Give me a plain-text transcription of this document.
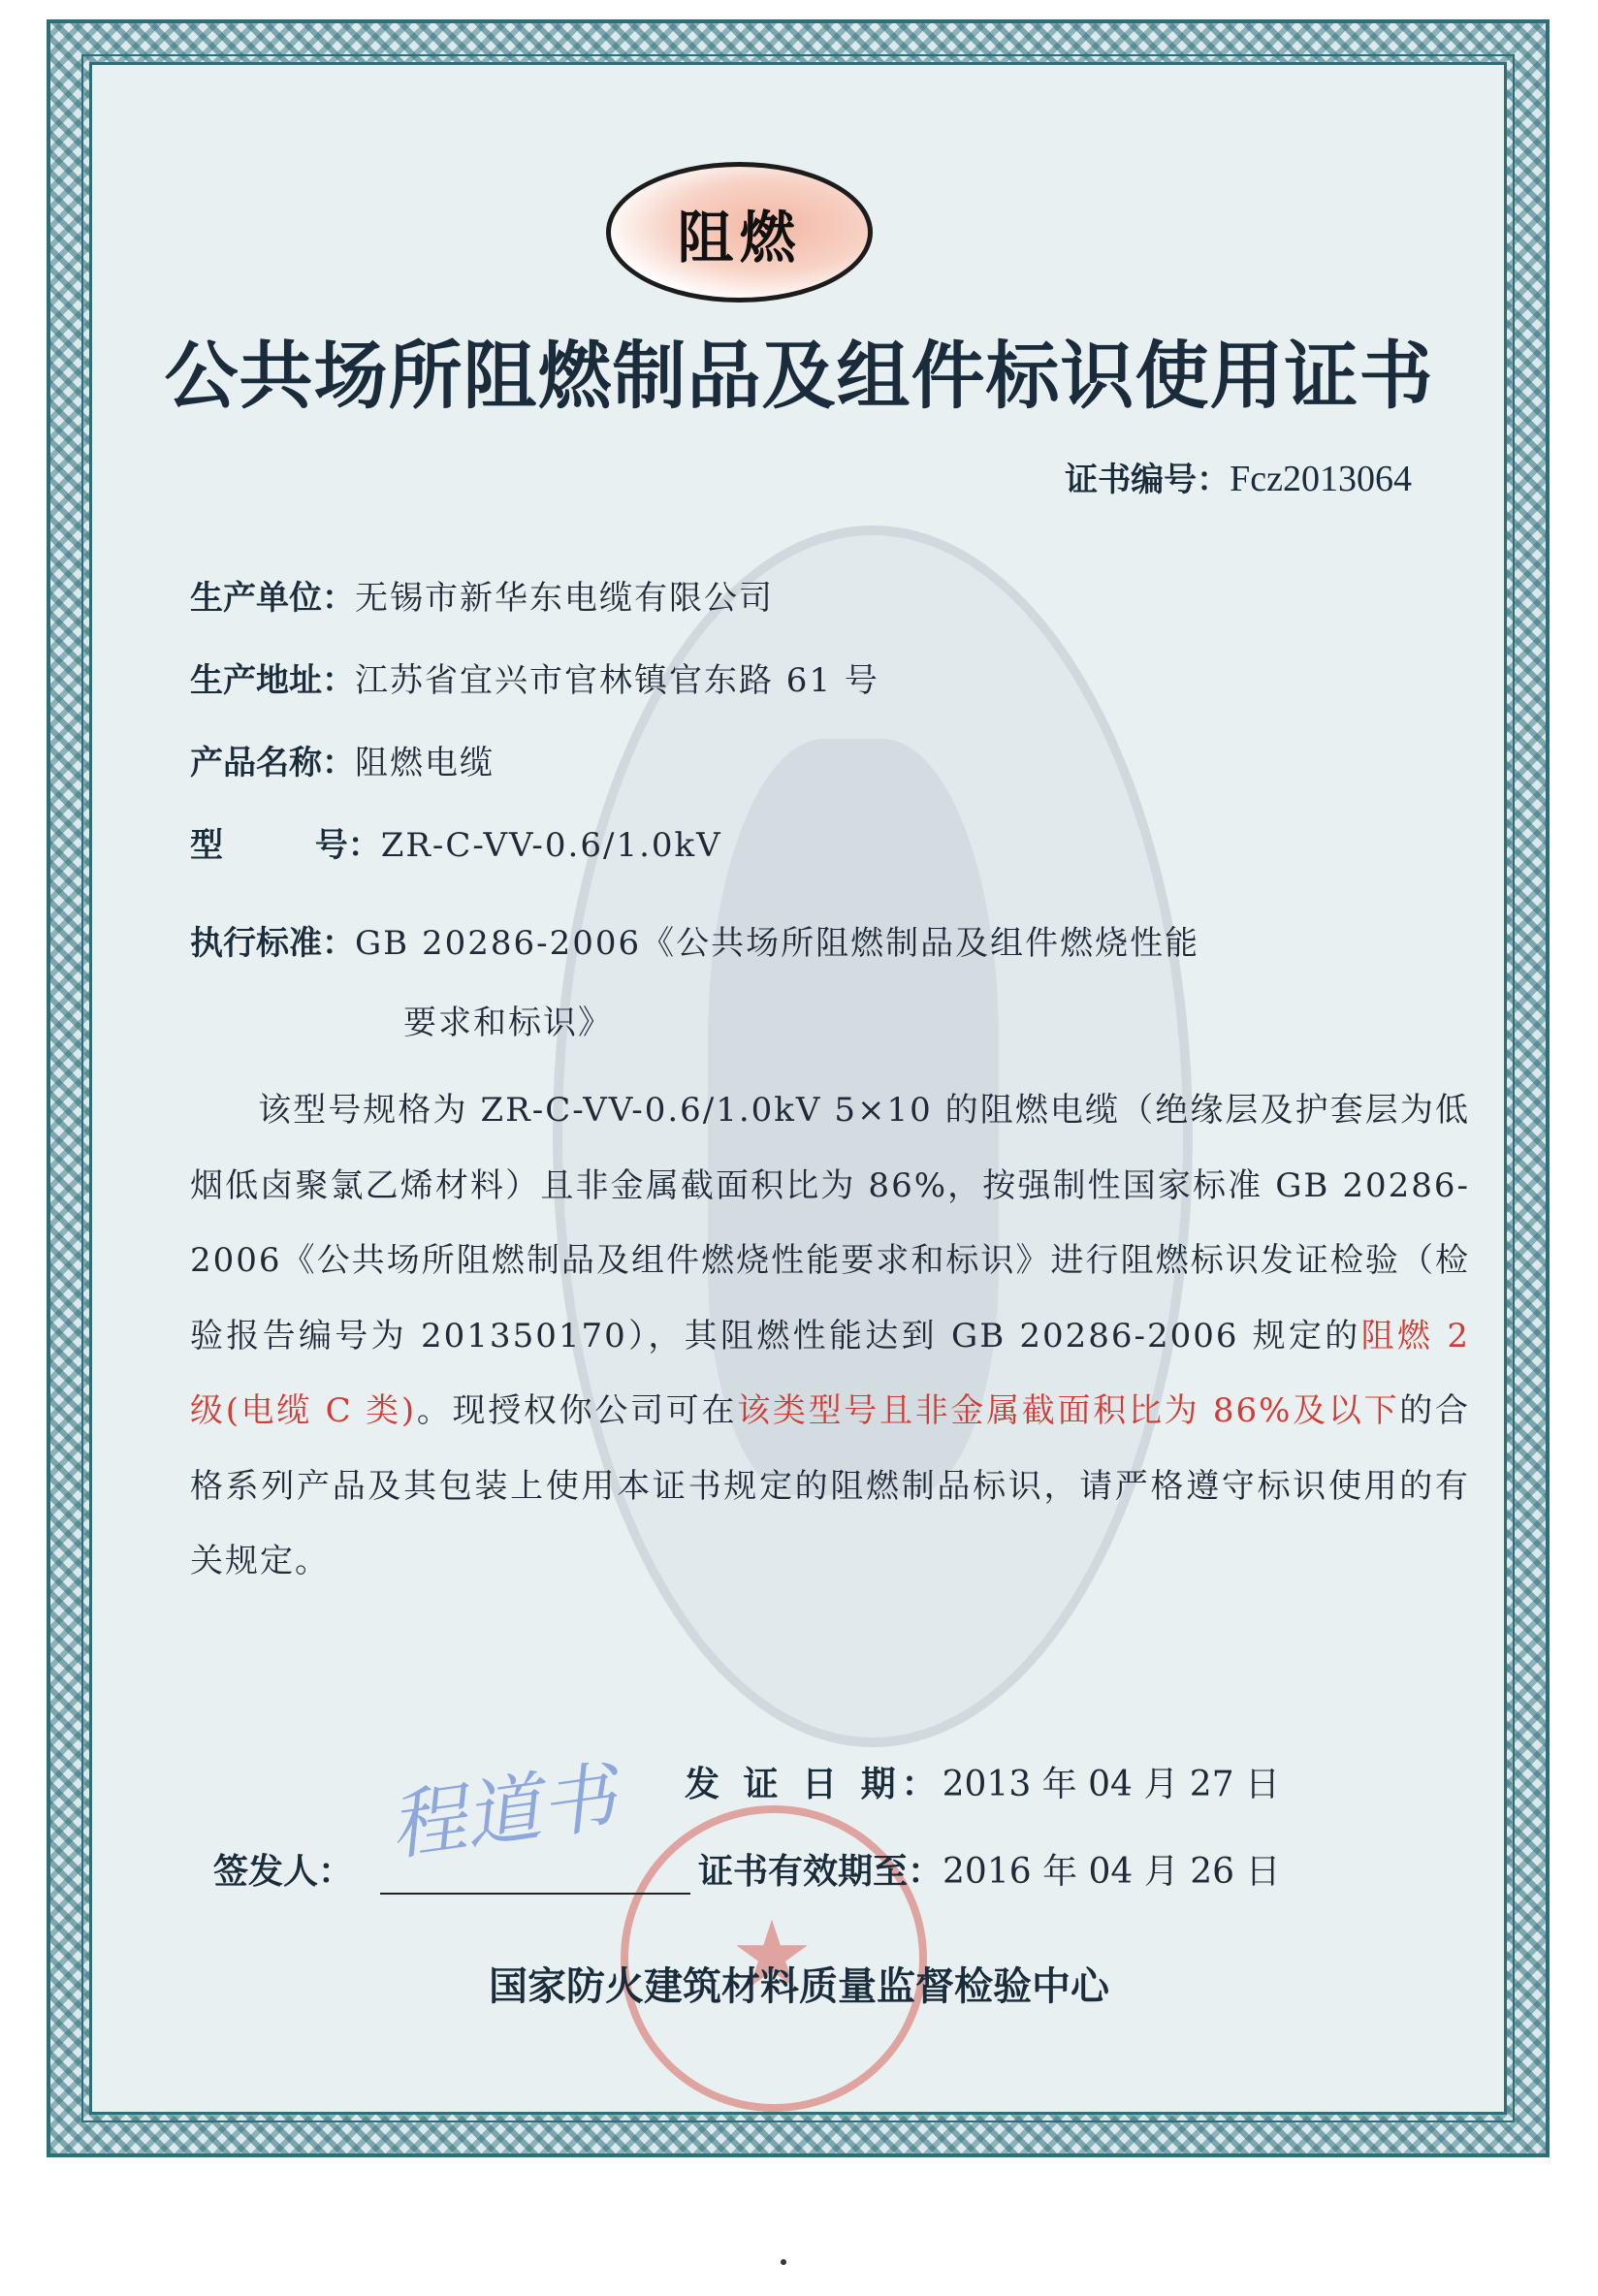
阻燃
公共场所阻燃制品及组件标识使用证书
证书编号：Fcz2013064
生产单位：无锡市新华东电缆有限公司
生产地址：江苏省宜兴市官林镇官东路 61 号
产品名称：阻燃电缆
型        号：ZR-C-VV-0.6/1.0kV
执行标准：GB 20286-2006《公共场所阻燃制品及组件燃烧性能
要求和标识》
该型号规格为 ZR-C-VV-0.6/1.0kV 5×10 的阻燃电缆（绝缘层及护套层为低烟低卤聚氯乙烯材料）且非金属截面积比为 86%，按强制性国家标准 GB 20286-2006《公共场所阻燃制品及组件燃烧性能要求和标识》进行阻燃标识发证检验（检验报告编号为 201350170），其阻燃性能达到 GB 20286-2006 规定的阻燃 2 级(电缆 C 类)。现授权你公司可在该类型号且非金属截面积比为 86%及以下的合格系列产品及其包装上使用本证书规定的阻燃制品标识，请严格遵守标识使用的有关规定。
程道书
★	发 证 日 期：2013 年 04 月 27 日
签发人：	证书有效期至：2016 年 04 月 26 日
国家防火建筑材料质量监督检验中心
